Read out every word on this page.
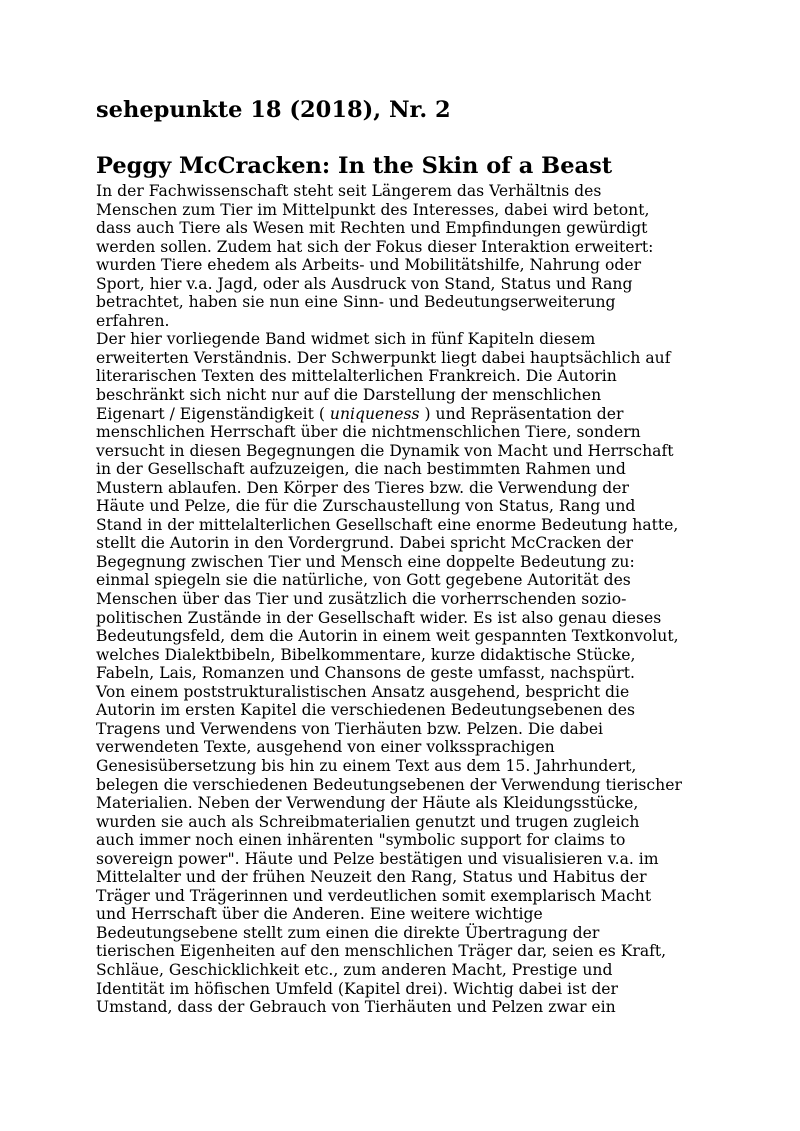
sehepunkte 18 (2018), Nr. 2
Peggy McCracken: In the Skin of a Beast
In der Fachwissenschaft steht seit Längerem das Verhältnis des
Menschen zum Tier im Mittelpunkt des Interesses, dabei wird betont,
dass auch Tiere als Wesen mit Rechten und Empfindungen gewürdigt
werden sollen. Zudem hat sich der Fokus dieser Interaktion erweitert:
wurden Tiere ehedem als Arbeits- und Mobilitätshilfe, Nahrung oder
Sport, hier v.a. Jagd, oder als Ausdruck von Stand, Status und Rang
betrachtet, haben sie nun eine Sinn- und Bedeutungserweiterung
erfahren.
Der hier vorliegende Band widmet sich in fünf Kapiteln diesem
erweiterten Verständnis. Der Schwerpunkt liegt dabei hauptsächlich auf
literarischen Texten des mittelalterlichen Frankreich. Die Autorin
beschränkt sich nicht nur auf die Darstellung der menschlichen
Eigenart / Eigenständigkeit ( uniqueness ) und Repräsentation der
menschlichen Herrschaft über die nichtmenschlichen Tiere, sondern
versucht in diesen Begegnungen die Dynamik von Macht und Herrschaft
in der Gesellschaft aufzuzeigen, die nach bestimmten Rahmen und
Mustern ablaufen. Den Körper des Tieres bzw. die Verwendung der
Häute und Pelze, die für die Zurschaustellung von Status, Rang und
Stand in der mittelalterlichen Gesellschaft eine enorme Bedeutung hatte,
stellt die Autorin in den Vordergrund. Dabei spricht McCracken der
Begegnung zwischen Tier und Mensch eine doppelte Bedeutung zu:
einmal spiegeln sie die natürliche, von Gott gegebene Autorität des
Menschen über das Tier und zusätzlich die vorherrschenden sozio-
politischen Zustände in der Gesellschaft wider. Es ist also genau dieses
Bedeutungsfeld, dem die Autorin in einem weit gespannten Textkonvolut,
welches Dialektbibeln, Bibelkommentare, kurze didaktische Stücke,
Fabeln, Lais, Romanzen und Chansons de geste umfasst, nachspürt.
Von einem poststrukturalistischen Ansatz ausgehend, bespricht die
Autorin im ersten Kapitel die verschiedenen Bedeutungsebenen des
Tragens und Verwendens von Tierhäuten bzw. Pelzen. Die dabei
verwendeten Texte, ausgehend von einer volkssprachigen
Genesisübersetzung bis hin zu einem Text aus dem 15. Jahrhundert,
belegen die verschiedenen Bedeutungsebenen der Verwendung tierischer
Materialien. Neben der Verwendung der Häute als Kleidungsstücke,
wurden sie auch als Schreibmaterialien genutzt und trugen zugleich
auch immer noch einen inhärenten "symbolic support for claims to
sovereign power". Häute und Pelze bestätigen und visualisieren v.a. im
Mittelalter und der frühen Neuzeit den Rang, Status und Habitus der
Träger und Trägerinnen und verdeutlichen somit exemplarisch Macht
und Herrschaft über die Anderen. Eine weitere wichtige
Bedeutungsebene stellt zum einen die direkte Übertragung der
tierischen Eigenheiten auf den menschlichen Träger dar, seien es Kraft,
Schläue, Geschicklichkeit etc., zum anderen Macht, Prestige und
Identität im höfischen Umfeld (Kapitel drei). Wichtig dabei ist der
Umstand, dass der Gebrauch von Tierhäuten und Pelzen zwar ein
